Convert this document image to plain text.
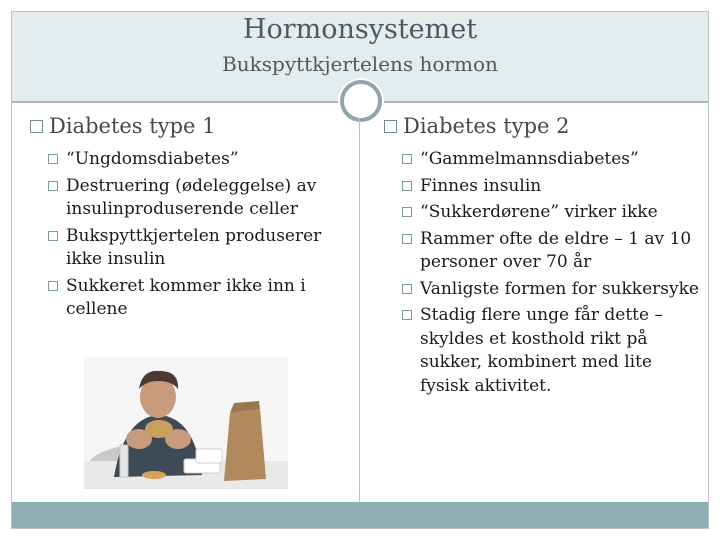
Hormonsystemet
Bukspyttkjertelens hormon
Diabetes type 1
“Ungdomsdiabetes”
Destruering (ødeleggelse) av insulinproduserende celler
Bukspyttkjertelen produserer ikke insulin
Sukkeret kommer ikke inn i cellene
Diabetes type 2
“Gammelmannsdiabetes”
Finnes insulin
“Sukkerdørene” virker ikke
Rammer ofte de eldre – 1 av 10 personer over 70 år
Vanligste formen for sukkersyke
Stadig flere unge får dette – skyldes et kosthold rikt på sukker, kombinert med lite fysisk aktivitet.
